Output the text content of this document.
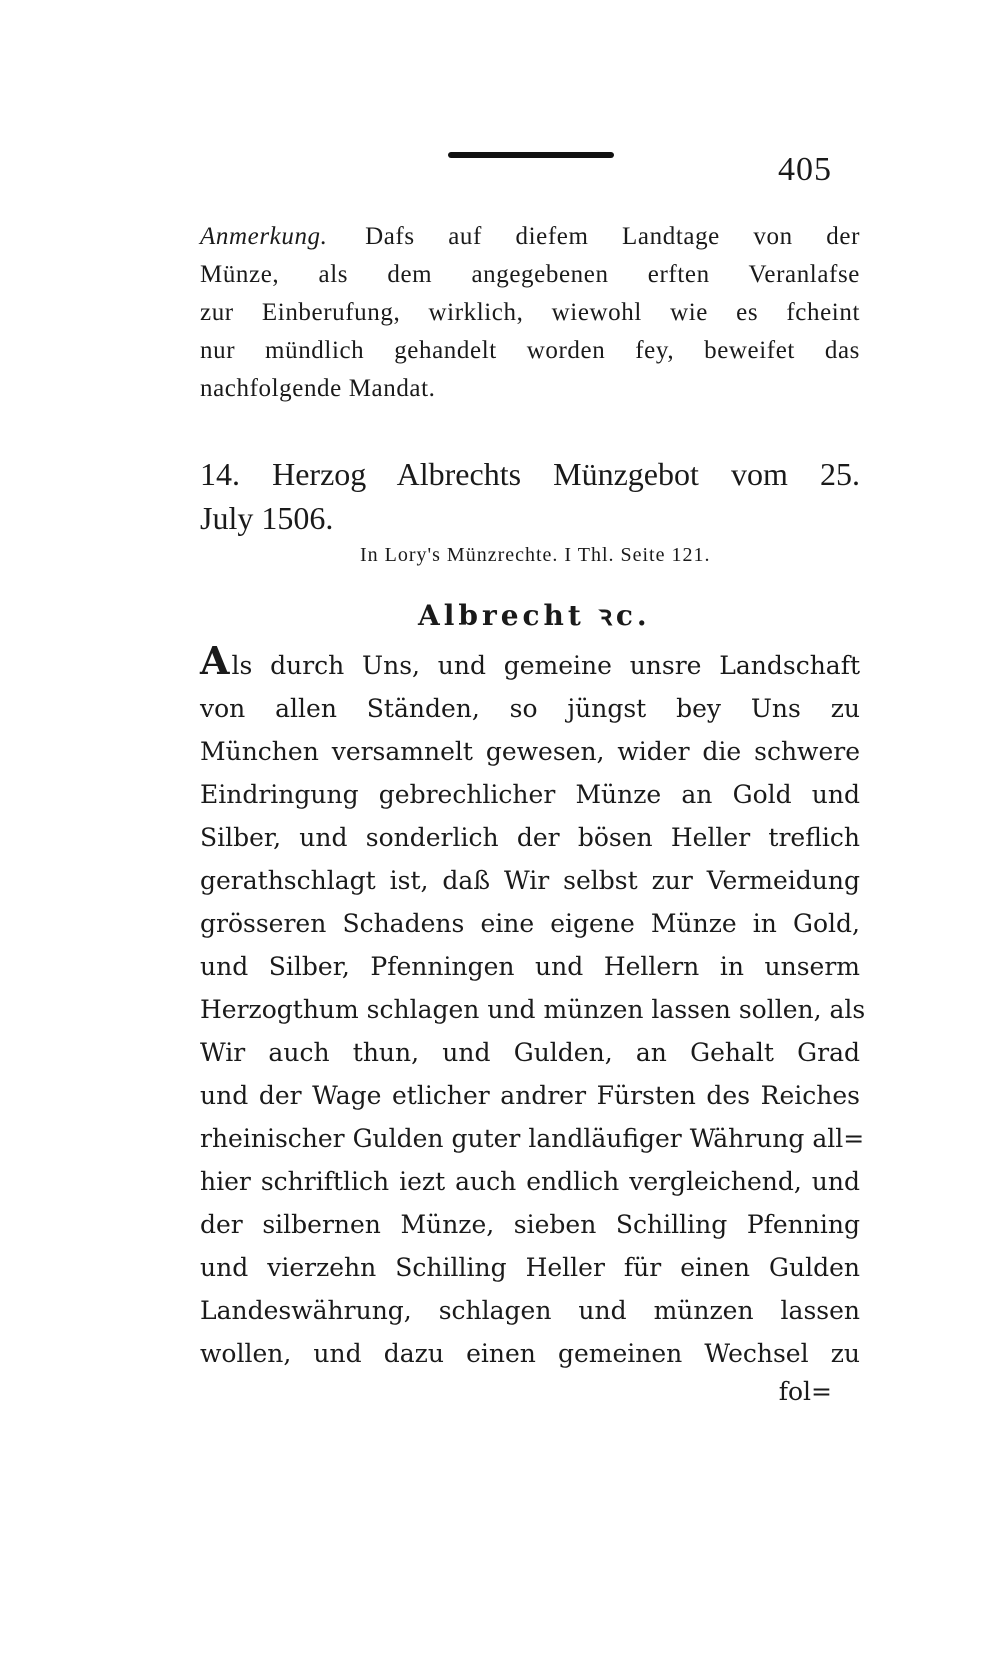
405
Anmerkung. Dafs auf diefem Landtage von der
Münze, als dem angegebenen erften Veranlafse
zur Einberufung, wirklich, wiewohl wie es fcheint
nur mündlich gehandelt worden fey, beweifet das
nachfolgende Mandat.
14. Herzog Albrechts Münzgebot vom 25.
July 1506.
In Lory's Münzrechte. I Thl. Seite 121.
Albrecht ꝛc.
Als durch Uns, und gemeine unsre Landschaft
von allen Ständen, so jüngst bey Uns zu
München versamnelt gewesen, wider die schwere
Eindringung gebrechlicher Münze an Gold und
Silber, und sonderlich der bösen Heller treflich
gerathschlagt ist, daß Wir selbst zur Vermeidung
grösseren Schadens eine eigene Münze in Gold,
und Silber, Pfenningen und Hellern in unserm
Herzogthum schlagen und münzen lassen sollen, als
Wir auch thun, und Gulden, an Gehalt Grad
und der Wage etlicher andrer Fürsten des Reiches
rheinischer Gulden guter landläufiger Währung all=
hier schriftlich iezt auch endlich vergleichend, und
der silbernen Münze, sieben Schilling Pfenning
und vierzehn Schilling Heller für einen Gulden
Landeswährung, schlagen und münzen lassen
wollen, und dazu einen gemeinen Wechsel zu
fol=
